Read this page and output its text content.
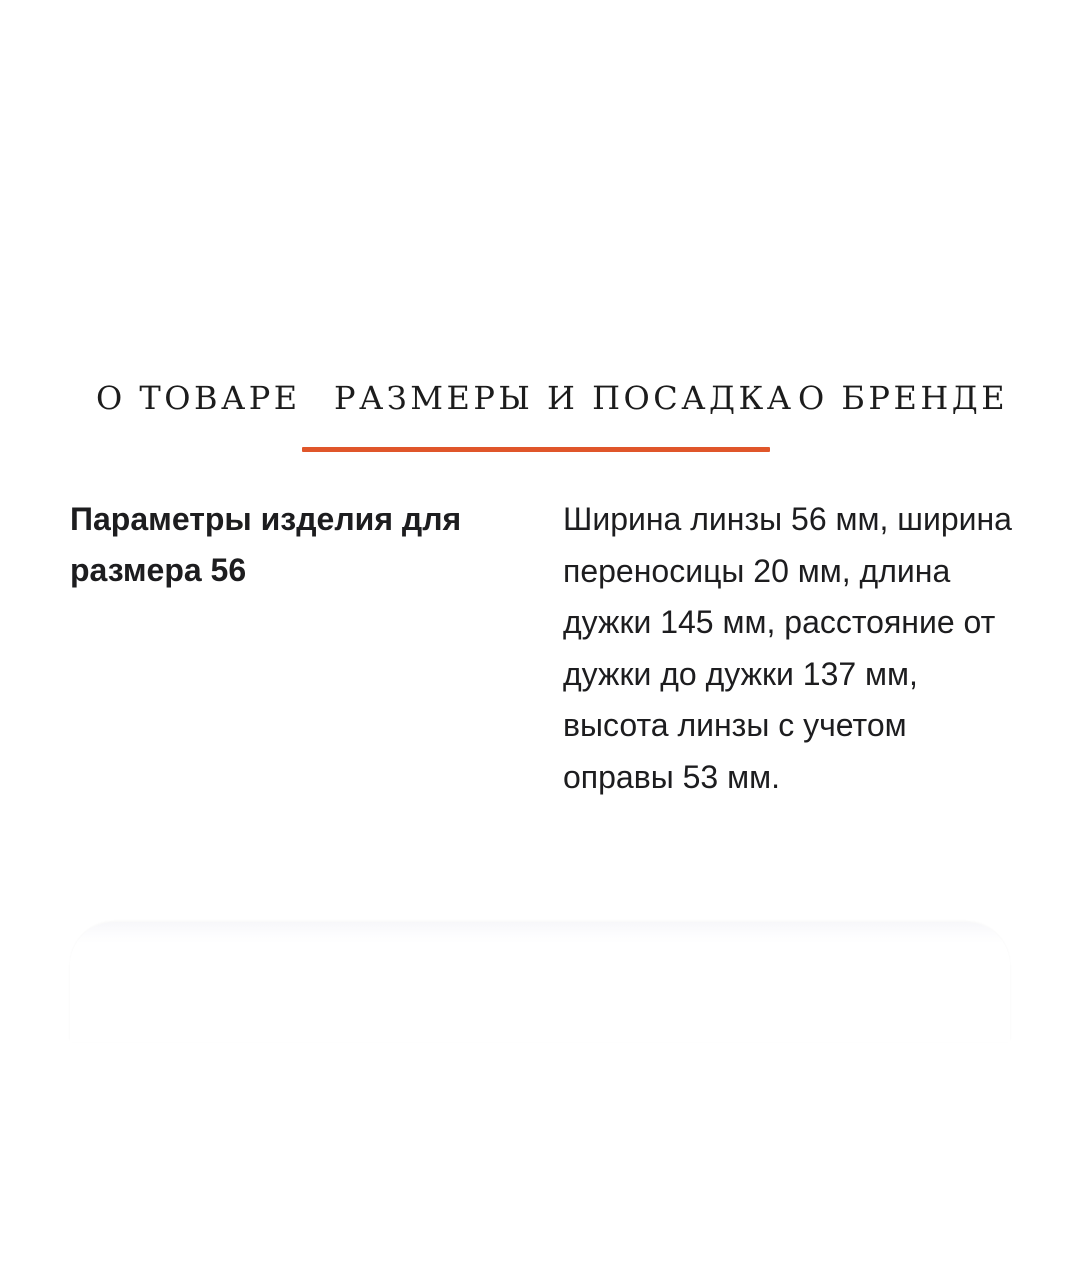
О ТОВАРЕ РАЗМЕРЫ И ПОСАДКА О БРЕНДЕ
Параметры изделия для размера 56
Ширина линзы 56 мм, ширина переносицы 20 мм, длина дужки 145 мм, расстояние от дужки до дужки 137 мм, высота линзы с учетом оправы 53 мм.
